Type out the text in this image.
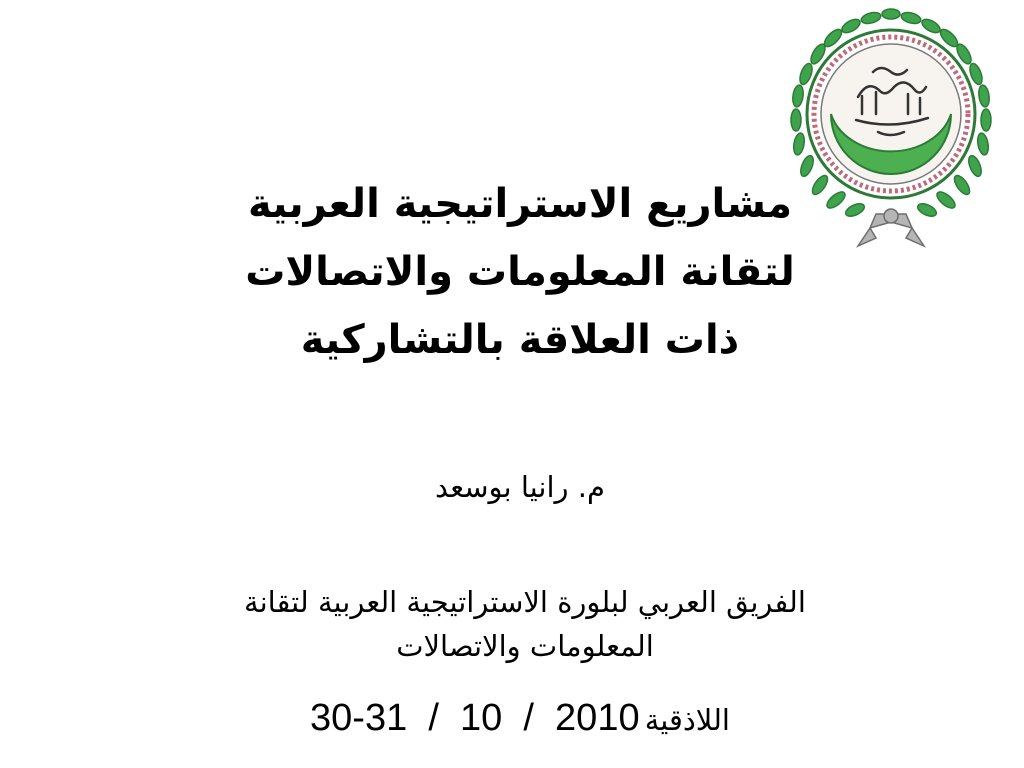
مشاريع الاستراتيجية العربية
لتقانة المعلومات والاتصالات
ذات العلاقة بالتشاركية
م. رانيا بوسعد
الفريق العربي لبلورة الاستراتيجية العربية لتقانة
المعلومات والاتصالات
اللاذقية 30-31  /  10  /  2010
